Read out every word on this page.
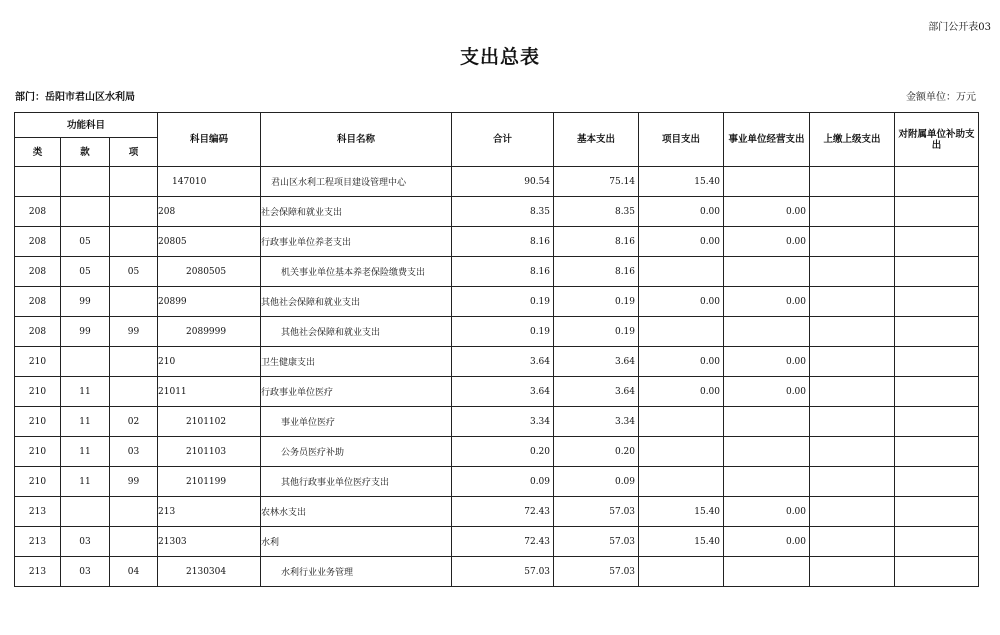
部门公开表03
支出总表
部门：岳阳市君山区水利局	金额单位：万元
功能科目			科目编码	科目名称	合计	基本支出	项目支出	事业单位经营支出	上缴上级支出	对附属单位补助支出
类	款	项								
			147010	君山区水利工程项目建设管理中心	90.54	75.14	15.40			
208			208	社会保障和就业支出	8.35	8.35	0.00	0.00		
208	05		20805	行政事业单位养老支出	8.16	8.16	0.00	0.00		
208	05	05	2080505	机关事业单位基本养老保险缴费支出	8.16	8.16				
208	99		20899	其他社会保障和就业支出	0.19	0.19	0.00	0.00		
208	99	99	2089999	其他社会保障和就业支出	0.19	0.19				
210			210	卫生健康支出	3.64	3.64	0.00	0.00		
210	11		21011	行政事业单位医疗	3.64	3.64	0.00	0.00		
210	11	02	2101102	事业单位医疗	3.34	3.34				
210	11	03	2101103	公务员医疗补助	0.20	0.20				
210	11	99	2101199	其他行政事业单位医疗支出	0.09	0.09				
213			213	农林水支出	72.43	57.03	15.40	0.00		
213	03		21303	水利	72.43	57.03	15.40	0.00		
213	03	04	2130304	水利行业业务管理	57.03	57.03				
